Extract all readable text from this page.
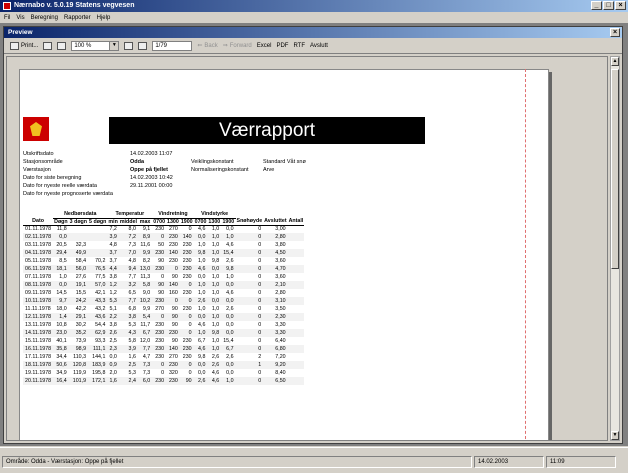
Nærnabo v. 5.0.19 Statens vegvesen	_	□	×
Fil Vis Beregning Rapporter Hjelp
Preview	×
Print...	100 %	▼	1/79	⇐ Back ⇒ Forward Excel PDF RTF Avslutt
Værrapport
Utskriftsdato	14.02.2003 11:07
Stasjonsområde	Odda	Veiklingskonstant	Standard Våt snø
Værstasjon	Oppe på fjellet	Normaliseringskonstant	Arve
Dato for siste beregning	14.02.2003 10:42
Dato for nyeste reelle værdata	29.11.2001 00:00
Dato for nyeste prognoserte værdata
	Nedbørsdata			Temperatur			Vindretning			Vindstyrke					
Dato	Døgn	3 døgn	5 døgn	min	middel	max	0700	1300	1900	0700	1300	1900	Snøhøyde	Avsluttet	Antall
01.11.1978	11,8			7,2	8,0	9,1	230	270	0	4,6	1,0	0,0	0	3,00	
02.11.1978	0,0			3,9	7,2	8,9	0	230	140	0,0	1,0	1,0	0	2,80	
03.11.1978	20,5	32,3		4,8	7,3	11,6	50	230	230	1,0	1,0	4,6	0	3,80	
04.11.1978	29,4	49,9		3,7	7,0	9,9	230	140	230	9,8	1,0	15,4	0	4,50	
05.11.1978	8,5	58,4	70,2	3,7	4,8	8,2	90	230	230	1,0	9,8	2,6	0	3,60	
06.11.1978	18,1	56,0	76,5	4,4	9,4	13,0	230	0	230	4,6	0,0	9,8	0	4,70	
07.11.1978	1,0	27,6	77,5	3,8	7,7	11,3	0	90	230	0,0	1,0	1,0	0	3,60	
08.11.1978	0,0	19,1	57,0	1,2	3,2	5,8	90	140	0	1,0	1,0	0,0	0	2,10	
09.11.1978	14,5	15,5	42,1	1,2	6,5	9,0	90	160	230	1,0	1,0	4,6	0	2,80	
10.11.1978	9,7	24,2	43,3	5,3	7,7	10,2	230	0	0	2,6	0,0	0,0	0	3,10	
11.11.1978	18,0	42,2	43,2	5,1	6,8	9,9	270	90	230	1,0	1,0	2,6	0	3,50	
12.11.1978	1,4	29,1	43,6	2,2	3,8	5,4	0	90	0	0,0	1,0	0,0	0	2,30	
13.11.1978	10,8	30,2	54,4	3,8	5,3	11,7	230	90	0	4,6	1,0	0,0	0	3,30	
14.11.1978	23,0	35,2	62,9	2,6	4,3	6,7	230	230	0	1,0	9,8	0,0	0	3,30	
15.11.1978	40,1	73,9	93,3	2,5	5,8	12,0	230	90	230	6,7	1,0	15,4	0	6,40	
16.11.1978	35,8	98,9	111,1	2,3	3,9	7,7	230	140	230	4,6	1,0	6,7	0	6,80	
17.11.1978	34,4	110,3	144,1	0,0	1,6	4,7	230	270	230	9,8	2,6	2,6	2	7,20	
18.11.1978	50,6	120,8	183,9	0,9	2,5	7,3	0	230	0	0,0	2,6	0,0	1	9,20	
19.11.1978	34,9	119,9	195,8	2,0	5,3	7,3	0	320	0	0,0	4,6	0,0	0	8,40	
20.11.1978	16,4	101,9	172,1	1,6	2,4	6,0	230	230	90	2,6	4,6	1,0	0	6,50	
▲
▼
Område: Odda - Værstasjon: Oppe på fjellet	14.02.2003	11:09
